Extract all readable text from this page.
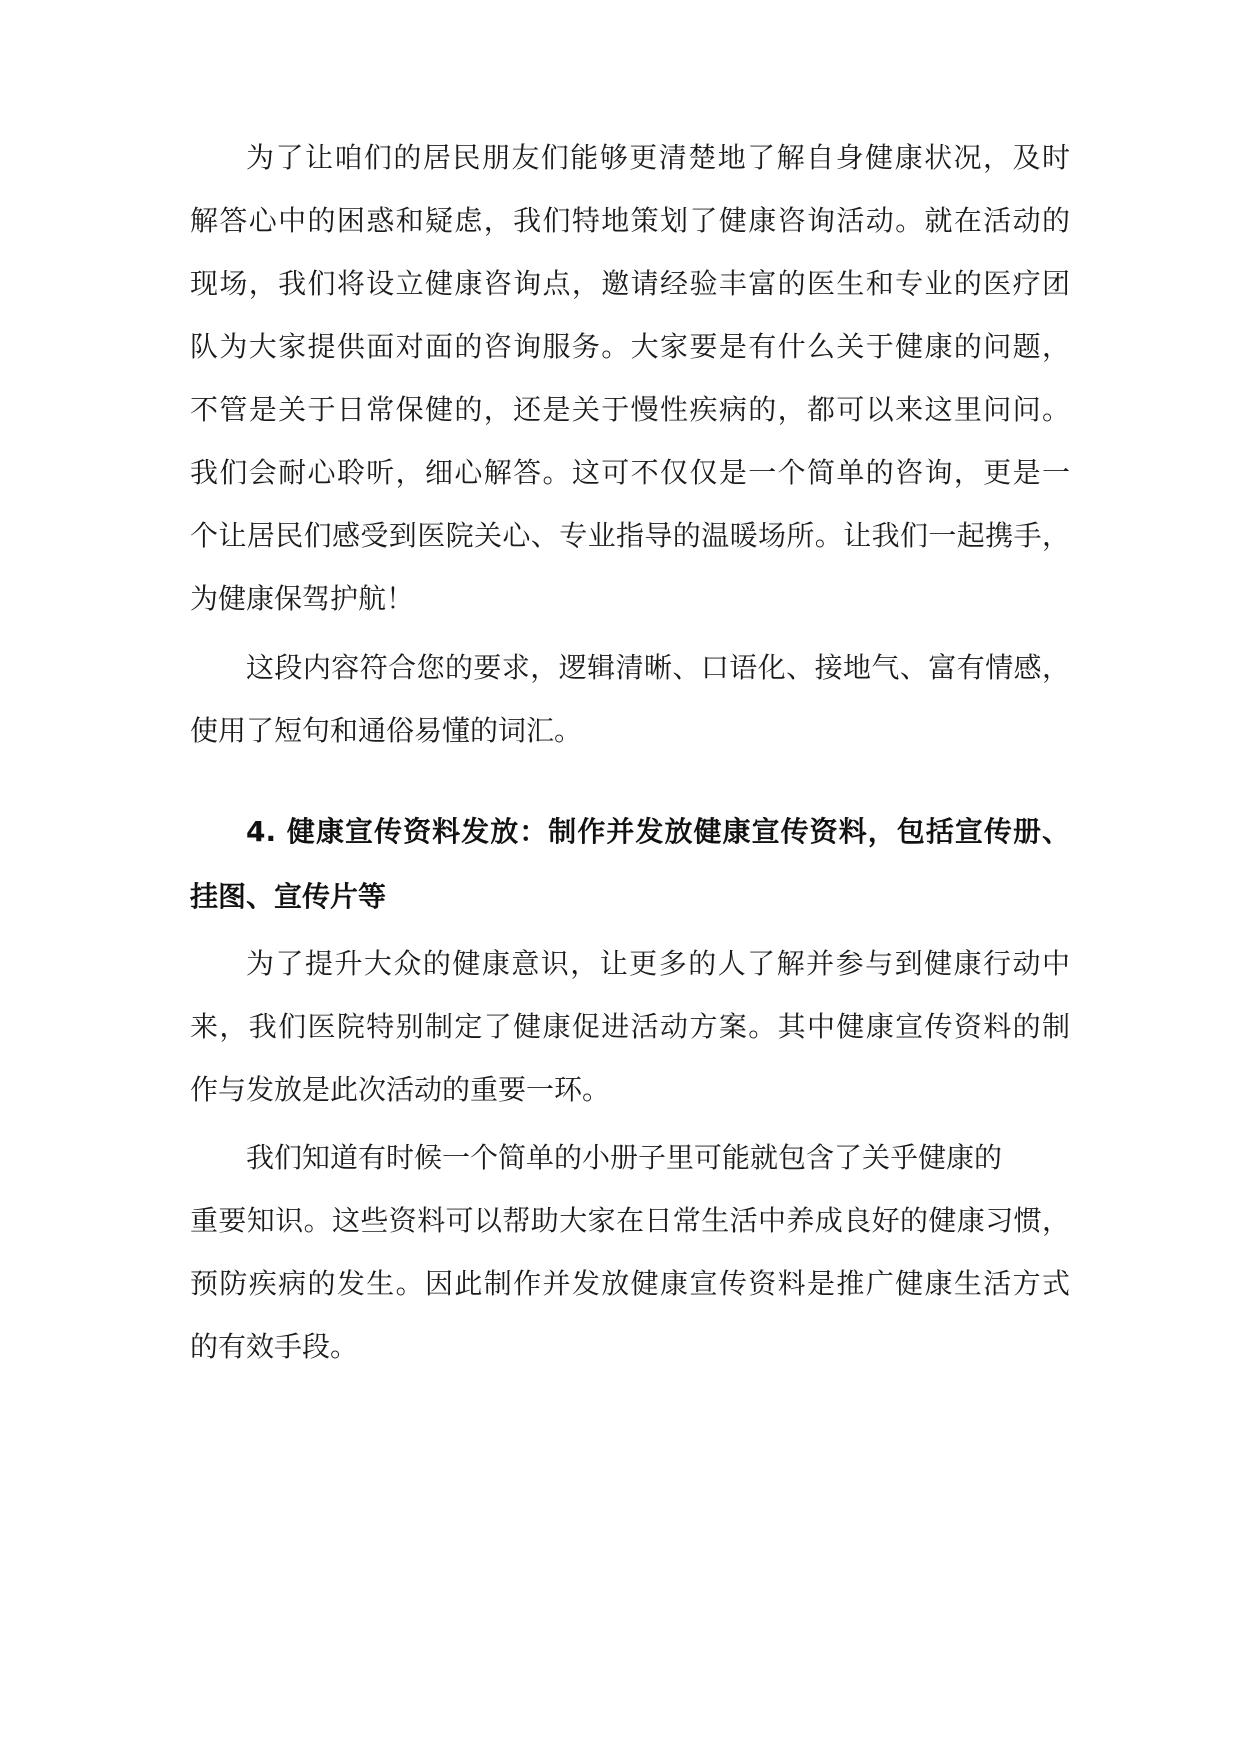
为了让咱们的居民朋友们能够更清楚地了解自身健康状况，及时
解答心中的困惑和疑虑，我们特地策划了健康咨询活动。就在活动的
现场，我们将设立健康咨询点，邀请经验丰富的医生和专业的医疗团
队为大家提供面对面的咨询服务。大家要是有什么关于健康的问题，
不管是关于日常保健的，还是关于慢性疾病的，都可以来这里问问。
我们会耐心聆听，细心解答。这可不仅仅是一个简单的咨询，更是一
个让居民们感受到医院关心、专业指导的温暖场所。让我们一起携手，
为健康保驾护航！
这段内容符合您的要求，逻辑清晰、口语化、接地气、富有情感，
使用了短句和通俗易懂的词汇。
4. 健康宣传资料发放：制作并发放健康宣传资料，包括宣传册、
挂图、宣传片等
为了提升大众的健康意识，让更多的人了解并参与到健康行动中
来，我们医院特别制定了健康促进活动方案。其中健康宣传资料的制
作与发放是此次活动的重要一环。
我们知道有时候一个简单的小册子里可能就包含了关乎健康的
重要知识。这些资料可以帮助大家在日常生活中养成良好的健康习惯，
预防疾病的发生。因此制作并发放健康宣传资料是推广健康生活方式
的有效手段。
